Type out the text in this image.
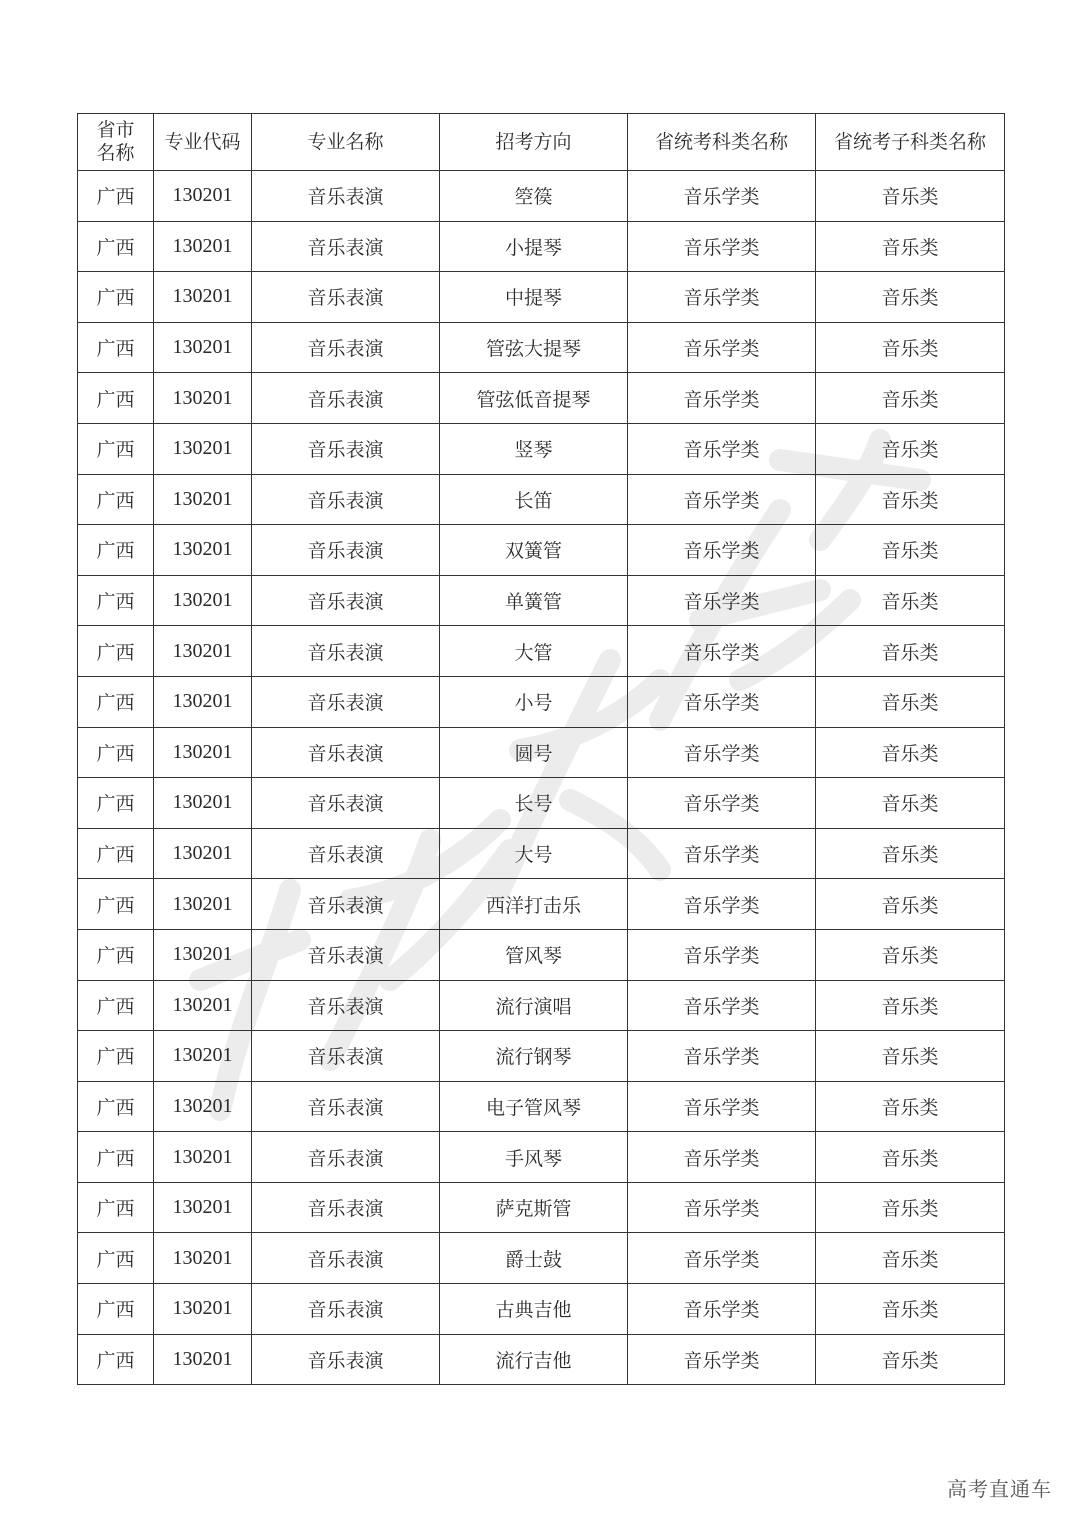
省市名称	专业代码	专业名称	招考方向	省统考科类名称	省统考子科类名称
广西	130201	音乐表演	箜篌	音乐学类	音乐类
广西	130201	音乐表演	小提琴	音乐学类	音乐类
广西	130201	音乐表演	中提琴	音乐学类	音乐类
广西	130201	音乐表演	管弦大提琴	音乐学类	音乐类
广西	130201	音乐表演	管弦低音提琴	音乐学类	音乐类
广西	130201	音乐表演	竖琴	音乐学类	音乐类
广西	130201	音乐表演	长笛	音乐学类	音乐类
广西	130201	音乐表演	双簧管	音乐学类	音乐类
广西	130201	音乐表演	单簧管	音乐学类	音乐类
广西	130201	音乐表演	大管	音乐学类	音乐类
广西	130201	音乐表演	小号	音乐学类	音乐类
广西	130201	音乐表演	圆号	音乐学类	音乐类
广西	130201	音乐表演	长号	音乐学类	音乐类
广西	130201	音乐表演	大号	音乐学类	音乐类
广西	130201	音乐表演	西洋打击乐	音乐学类	音乐类
广西	130201	音乐表演	管风琴	音乐学类	音乐类
广西	130201	音乐表演	流行演唱	音乐学类	音乐类
广西	130201	音乐表演	流行钢琴	音乐学类	音乐类
广西	130201	音乐表演	电子管风琴	音乐学类	音乐类
广西	130201	音乐表演	手风琴	音乐学类	音乐类
广西	130201	音乐表演	萨克斯管	音乐学类	音乐类
广西	130201	音乐表演	爵士鼓	音乐学类	音乐类
广西	130201	音乐表演	古典吉他	音乐学类	音乐类
广西	130201	音乐表演	流行吉他	音乐学类	音乐类
高考直通车
